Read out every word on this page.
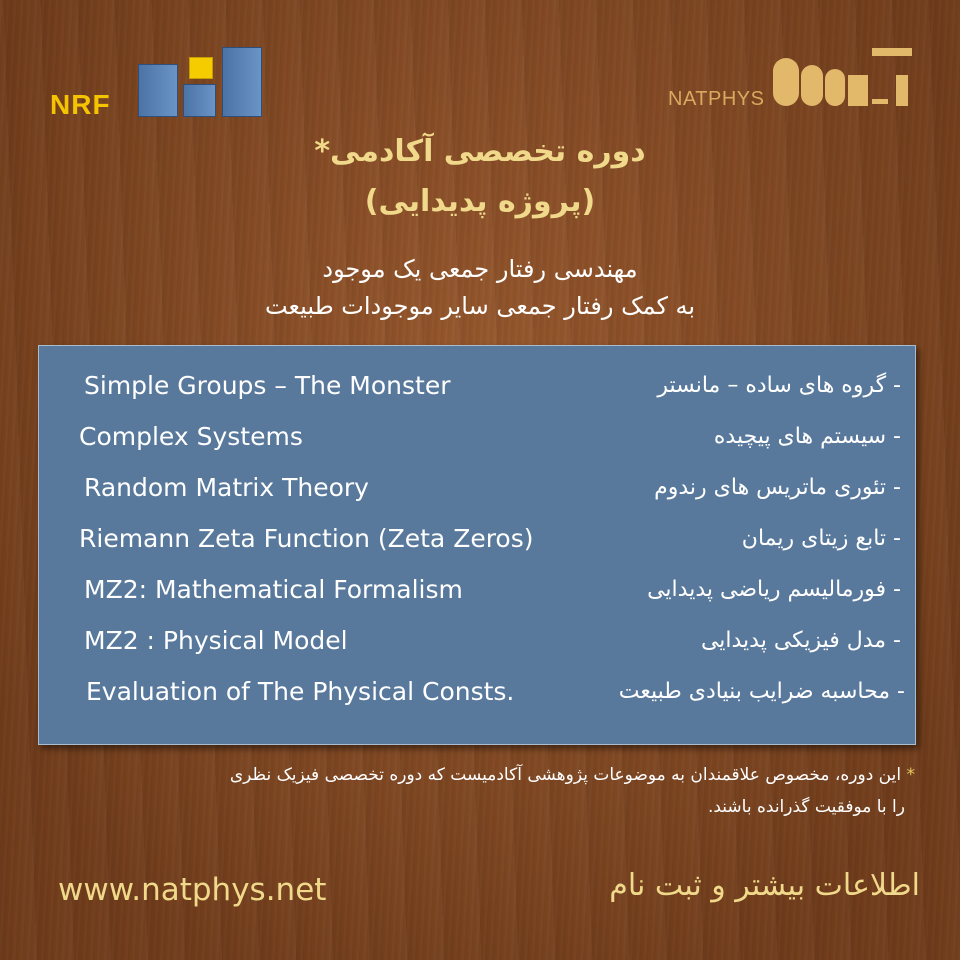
NRF	NATPHYS
دوره تخصصی آکادمی*
(پروژه پدیدایی)
مهندسی رفتار جمعی یک موجود
به کمک رفتار جمعی سایر موجودات طبیعت
Simple Groups – The Monster	- گروه های ساده – مانستر
Complex Systems	- سیستم های پیچیده
Random Matrix Theory	- تئوری ماتریس های رندوم
Riemann Zeta Function (Zeta Zeros)	- تابع زیتای ریمان
MZ2: Mathematical Formalism	- فورمالیسم ریاضی پدیدایی
MZ2 : Physical Model	- مدل فیزیکی پدیدایی
Evaluation of The Physical Consts.	- محاسبه ضرایب بنیادی طبیعت
* این دوره، مخصوص علاقمندان به موضوعات پژوهشی آکادمیست که دوره تخصصی فیزیک نظری
را با موفقیت گذرانده باشند.
www.natphys.net	اطلاعات بیشتر و ثبت نام
